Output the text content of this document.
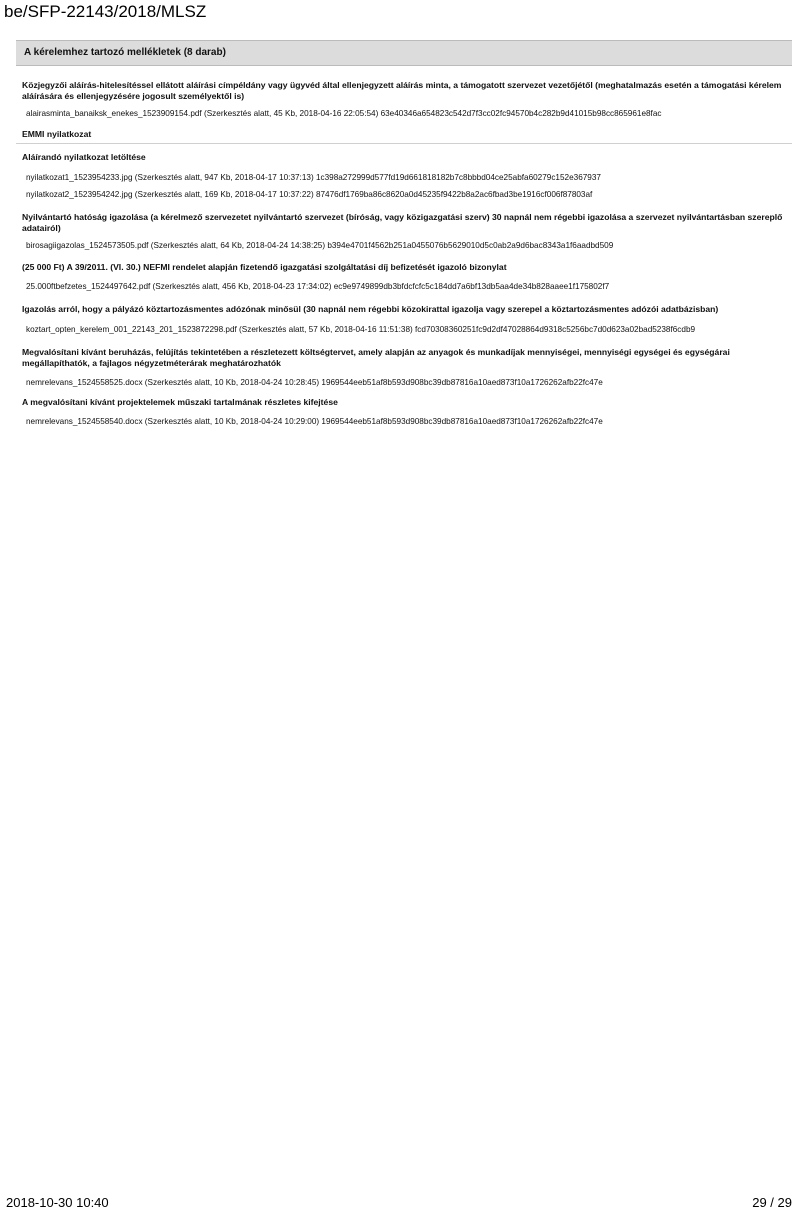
be/SFP-22143/2018/MLSZ
A kérelemhez tartozó mellékletek (8 darab)
Közjegyzői aláírás-hitelesítéssel ellátott aláírási címpéldány vagy ügyvéd által ellenjegyzett aláírás minta, a támogatott szervezet vezetőjétől (meghatalmazás esetén a támogatási kérelem aláírására és ellenjegyzésére jogosult személyektől is)
alairasminta_banaiksk_enekes_1523909154.pdf (Szerkesztés alatt, 45 Kb, 2018-04-16 22:05:54) 63e40346a654823c542d7f3cc02fc94570b4c282b9d41015b98cc865961e8fac
EMMI nyilatkozat
Aláírandó nyilatkozat letöltése
nyilatkozat1_1523954233.jpg (Szerkesztés alatt, 947 Kb, 2018-04-17 10:37:13) 1c398a272999d577fd19d661818182b7c8bbbd04ce25abfa60279c152e367937
nyilatkozat2_1523954242.jpg (Szerkesztés alatt, 169 Kb, 2018-04-17 10:37:22) 87476df1769ba86c8620a0d45235f9422b8a2ac6fbad3be1916cf006f87803af
Nyilvántartó hatóság igazolása (a kérelmező szervezetet nyilvántartó szervezet (bíróság, vagy közigazgatási szerv) 30 napnál nem régebbi igazolása a szervezet nyilvántartásban szereplő adatairól)
birosagiigazolas_1524573505.pdf (Szerkesztés alatt, 64 Kb, 2018-04-24 14:38:25) b394e4701f4562b251a0455076b5629010d5c0ab2a9d6bac8343a1f6aadbd509
(25 000 Ft) A 39/2011. (VI. 30.) NEFMI rendelet alapján fizetendő igazgatási szolgáltatási díj befizetését igazoló bizonylat
25.000ftbefzetes_1524497642.pdf (Szerkesztés alatt, 456 Kb, 2018-04-23 17:34:02) ec9e9749899db3bfdcfcfc5c184dd7a6bf13db5aa4de34b828aaee1f175802f7
Igazolás arról, hogy a pályázó köztartozásmentes adózónak minősül (30 napnál nem régebbi közokirattal igazolja vagy szerepel a köztartozásmentes adózói adatbázisban)
koztart_opten_kerelem_001_22143_201_1523872298.pdf (Szerkesztés alatt, 57 Kb, 2018-04-16 11:51:38) fcd70308360251fc9d2df47028864d9318c5256bc7d0d623a02bad5238f6cdb9
Megvalósítani kívánt beruházás, felújítás tekintetében a részletezett költségtervet, amely alapján az anyagok és munkadíjak mennyiségei, mennyiségi egységei és egységárai megállapíthatók, a fajlagos négyzetméterárak meghatározhatók
nemrelevans_1524558525.docx (Szerkesztés alatt, 10 Kb, 2018-04-24 10:28:45) 1969544eeb51af8b593d908bc39db87816a10aed873f10a1726262afb22fc47e
A megvalósítani kívánt projektelemek műszaki tartalmának részletes kifejtése
nemrelevans_1524558540.docx (Szerkesztés alatt, 10 Kb, 2018-04-24 10:29:00) 1969544eeb51af8b593d908bc39db87816a10aed873f10a1726262afb22fc47e
2018-10-30 10:40	29 / 29
